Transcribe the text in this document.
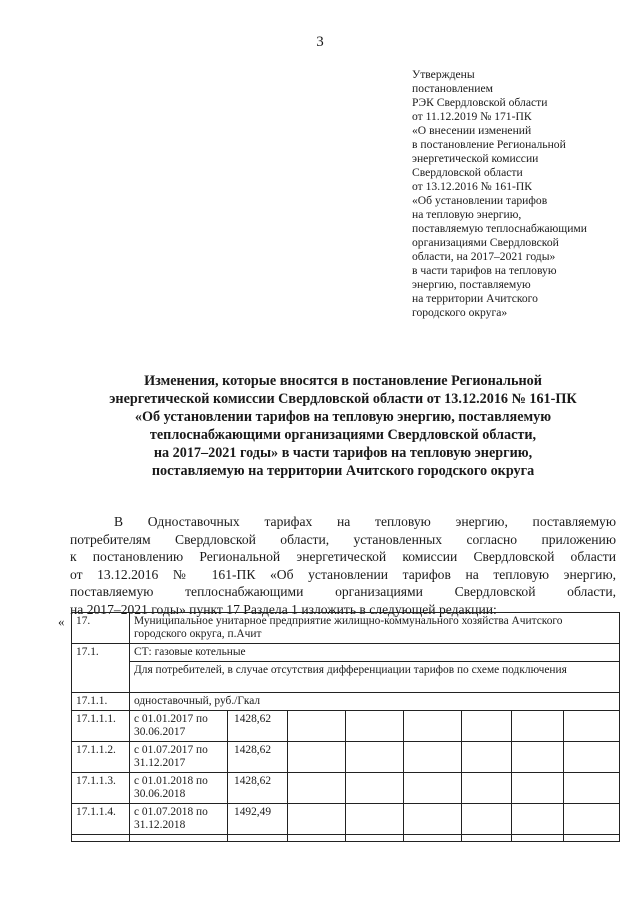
3
Утверждены
постановлением
РЭК Свердловской области
от 11.12.2019 № 171-ПК
«О внесении изменений
в постановление Региональной
энергетической комиссии
Свердловской области
от 13.12.2016 № 161-ПК
«Об установлении тарифов
на тепловую энергию,
поставляемую теплоснабжающими
организациями Свердловской
области, на 2017–2021 годы»
в части тарифов на тепловую
энергию, поставляемую
на территории Ачитского
городского округа»
Изменения, которые вносятся в постановление Региональной
энергетической комиссии Свердловской области от 13.12.2016 № 161-ПК
«Об установлении тарифов на тепловую энергию, поставляемую
теплоснабжающими организациями Свердловской области,
на 2017–2021 годы» в части тарифов на тепловую энергию,
поставляемую на территории Ачитского городского округа
В Одноставочных тарифах на тепловую энергию, поставляемую
потребителям Свердловской области, установленных согласно приложению
к постановлению Региональной энергетической комиссии Свердловской области
от 13.12.2016 № 161-ПК «Об установлении тарифов на тепловую энергию,
поставляемую теплоснабжающими организациями Свердловской области,
на 2017–2021 годы» пункт 17 Раздела 1 изложить в следующей редакции:
« 17.	Муниципальное унитарное предприятие жилищно-коммунального хозяйства Ачитского городского округа, п.Ачит							
17.1.	СТ: газовые котельные							
	Для потребителей, в случае отсутствия дифференциации тарифов по схеме подключения							
17.1.1.	одноставочный, руб./Гкал							
17.1.1.1.	с 01.01.2017 по 30.06.2017	1428,62						
17.1.1.2.	с 01.07.2017 по 31.12.2017	1428,62						
17.1.1.3.	с 01.01.2018 по 30.06.2018	1428,62						
17.1.1.4.	с 01.07.2018 по 31.12.2018	1492,49						
